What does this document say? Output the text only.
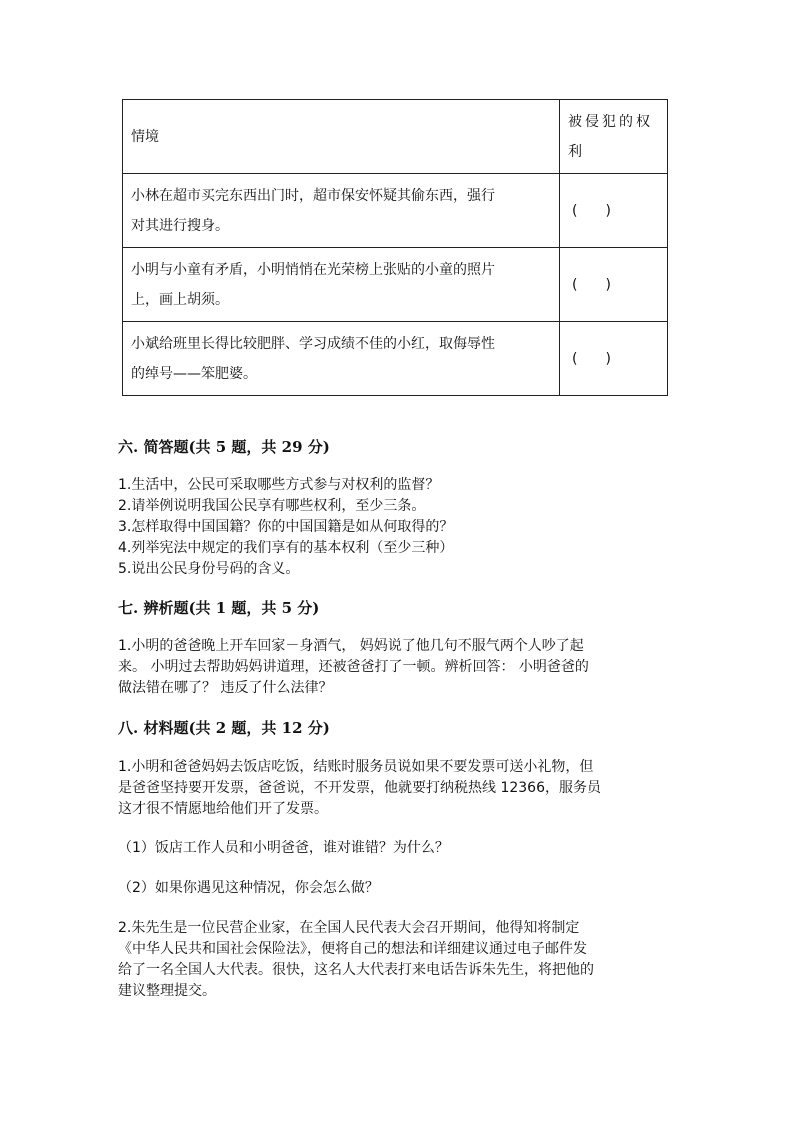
情境	被侵犯的权
利

小林在超市买完东西出门时，超市保安怀疑其偷东西，强行
对其进行搜身。	(　　)

小明与小童有矛盾，小明悄悄在光荣榜上张贴的小童的照片
上，画上胡须。	(　　)

小斌给班里长得比较肥胖、学习成绩不佳的小红，取侮辱性
的绰号——笨肥婆。	(　　)
六. 简答题(共 5 题，共 29 分)
1.生活中，公民可采取哪些方式参与对权利的监督？
2.请举例说明我国公民享有哪些权利，至少三条。
3.怎样取得中国国籍？你的中国国籍是如从何取得的？
4.列举宪法中规定的我们享有的基本权利（至少三种）
5.说出公民身份号码的含义。
七. 辨析题(共 1 题，共 5 分)
1.小明的爸爸晚上开车回家－身酒气， 妈妈说了他几句不服气两个人吵了起
来。 小明过去帮助妈妈讲道理，还被爸爸打了一顿。辨析回答： 小明爸爸的
做法错在哪了？ 违反了什么法律？
八. 材料题(共 2 题，共 12 分)
1.小明和爸爸妈妈去饭店吃饭，结账时服务员说如果不要发票可送小礼物，但
是爸爸坚持要开发票，爸爸说，不开发票，他就要打纳税热线 12366，服务员
这才很不情愿地给他们开了发票。
（1）饭店工作人员和小明爸爸，谁对谁错？为什么？
（2）如果你遇见这种情况，你会怎么做？
2.朱先生是一位民营企业家，在全国人民代表大会召开期间，他得知将制定
《中华人民共和国社会保险法》，便将自己的想法和详细建议通过电子邮件发
给了一名全国人大代表。很快，这名人大代表打来电话告诉朱先生，将把他的
建议整理提交。
